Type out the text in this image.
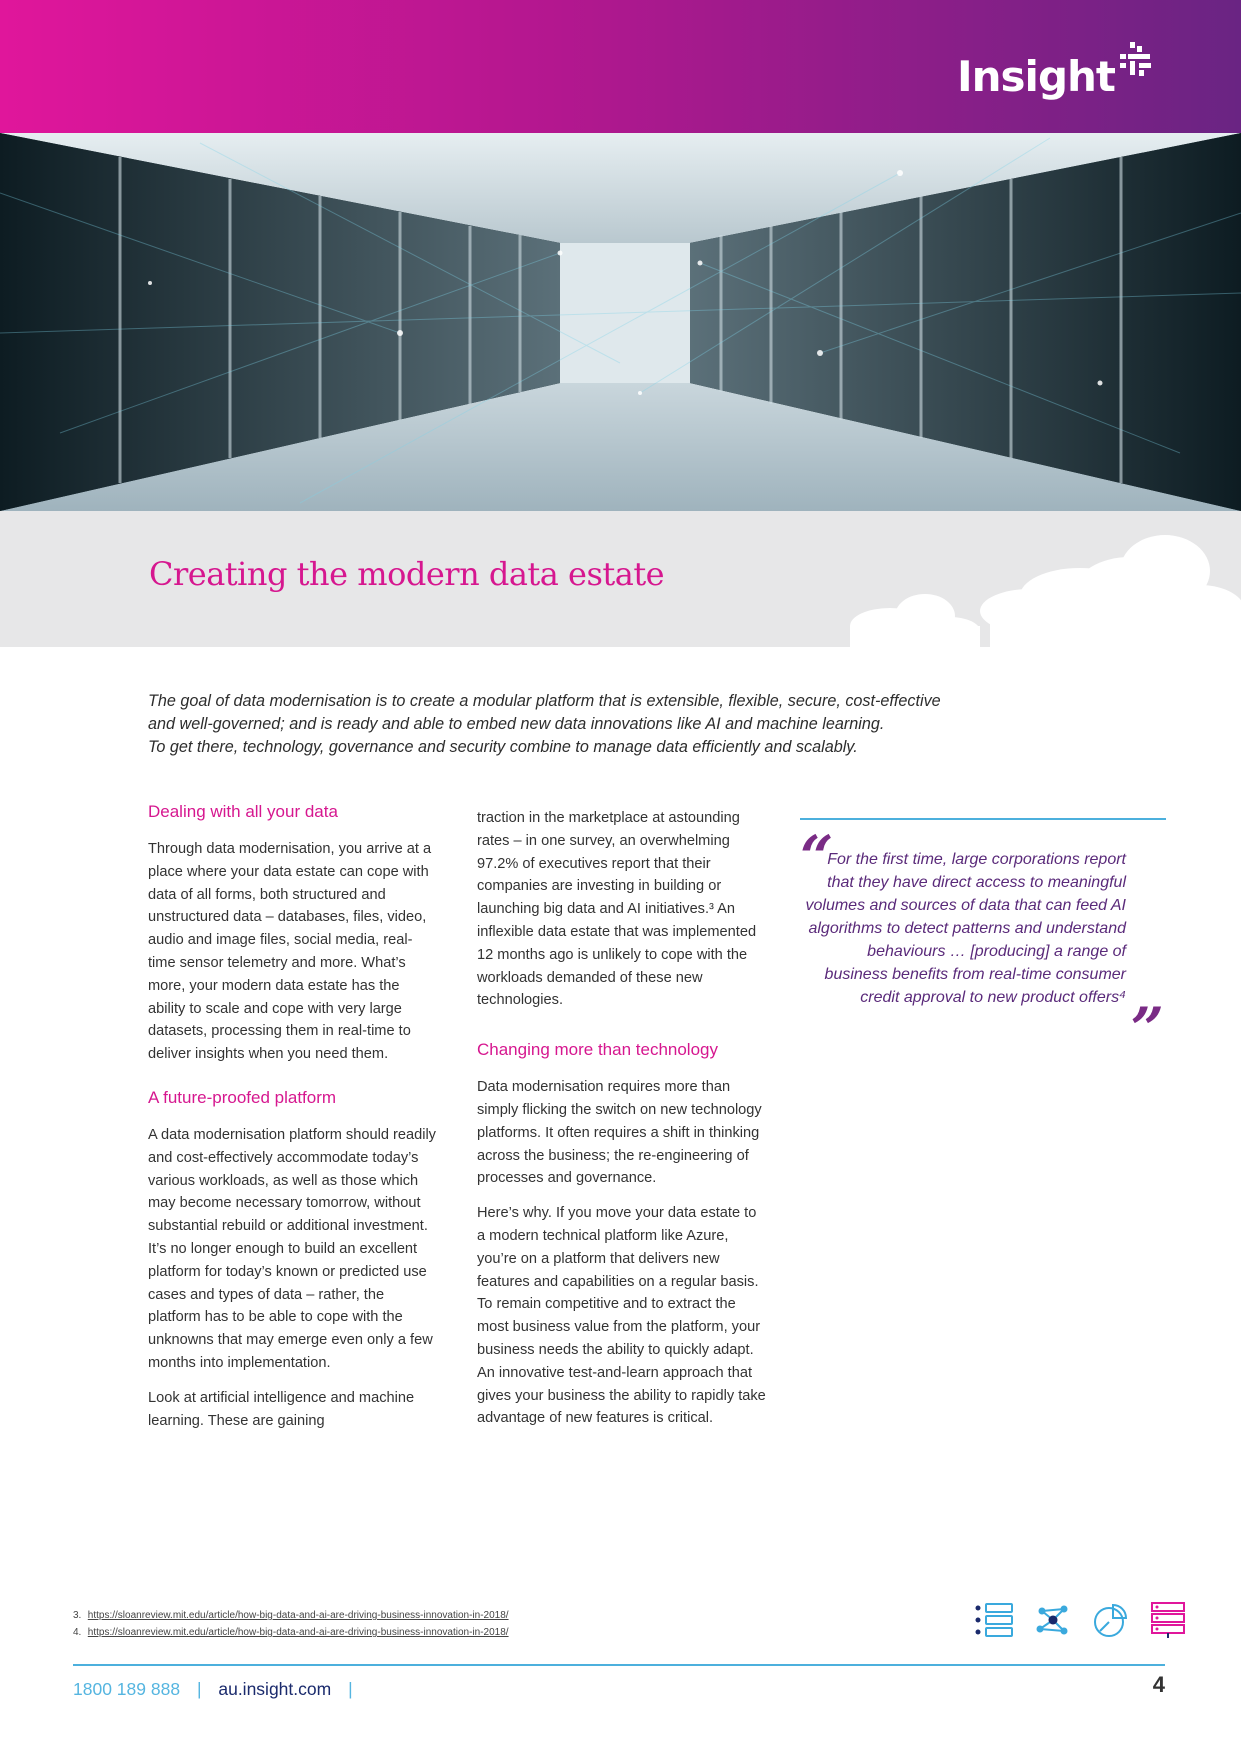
Insight
Creating the modern data estate

The goal of data modernisation is to create a modular platform that is extensible, flexible, secure, cost-effective

and well-governed; and is ready and able to embed new data innovations like AI and machine learning.

To get there, technology, governance and security combine to manage data efficiently and scalably.

Dealing with all your data

Through data modernisation, you arrive at a place where your data estate can cope with data of all forms, both structured and unstructured data – databases, files, video, audio and image files, social media, real-time sensor telemetry and more. What’s more, your modern data estate has the ability to scale and cope with very large datasets, processing them in real-time to deliver insights when you need them.

A future-proofed platform

A data modernisation platform should readily and cost-effectively accommodate today’s various workloads, as well as those which may become necessary tomorrow, without substantial rebuild or additional investment. It’s no longer enough to build an excellent platform for today’s known or predicted use cases and types of data – rather, the platform has to be able to cope with the unknowns that may emerge even only a few months into implementation.

Look at artificial intelligence and machine learning. These are gaining

traction in the marketplace at astounding rates – in one survey, an overwhelming 97.2% of executives report that their companies are investing in building or launching big data and AI initiatives.³ An inflexible data estate that was implemented 12 months ago is unlikely to cope with the workloads demanded of these new technologies.

Changing more than technology

Data modernisation requires more than simply flicking the switch on new technology platforms. It often requires a shift in thinking across the business; the re-engineering of processes and governance.

Here’s why. If you move your data estate to a modern technical platform like Azure, you’re on a platform that delivers new features and capabilities on a regular basis.

To remain competitive and to extract the most business value from the platform, your business needs the ability to quickly adapt. An innovative test-and-learn approach that gives your business the ability to rapidly take advantage of new features is critical.

“

For the first time, large corporations report that they have direct access to meaningful volumes and sources of data that can feed AI algorithms to detect patterns and understand behaviours … [producing] a range of business benefits from real-time consumer credit approval to new product offers⁴ ”
3. https://sloanreview.mit.edu/article/how-big-data-and-ai-are-driving-business-innovation-in-2018/
4. https://sloanreview.mit.edu/article/how-big-data-and-ai-are-driving-business-innovation-in-2018/
1800 189 888 | au.insight.com |	4
